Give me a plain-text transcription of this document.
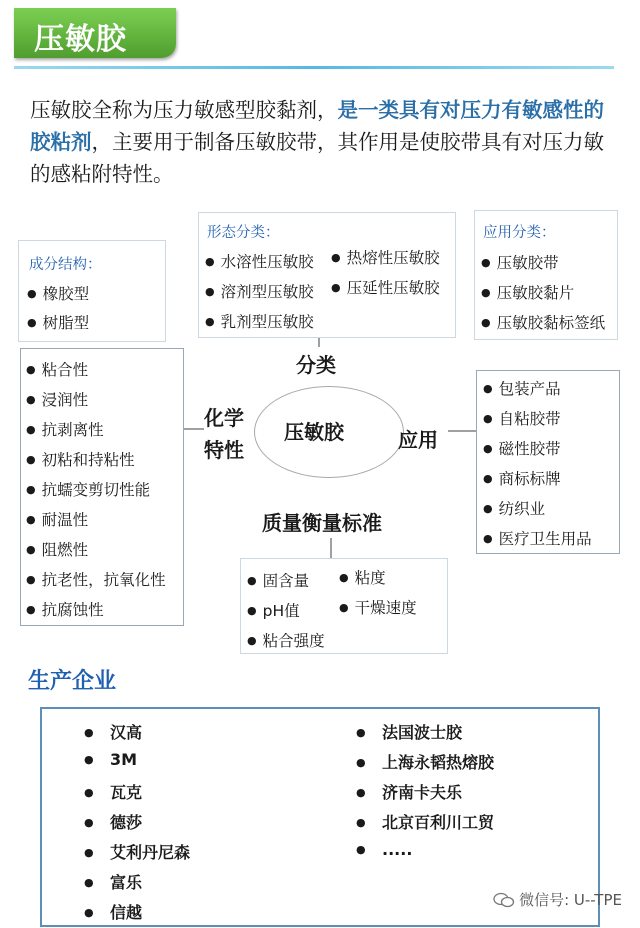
压敏胶
压敏胶全称为压力敏感型胶黏剂，是一类具有对压力有敏感性的胶粘剂，主要用于制备压敏胶带，其作用是使胶带具有对压力敏的感粘附特性。
成分结构：
● 橡胶型
● 树脂型
形态分类：
● 水溶性压敏胶
● 溶剂型压敏胶
● 乳剂型压敏胶
● 热熔性压敏胶
● 压延性压敏胶
应用分类：
● 压敏胶带
● 压敏胶黏片
● 压敏胶黏标签纸
● 粘合性
● 浸润性
● 抗剥离性
● 初粘和持粘性
● 抗蠕变剪切性能
● 耐温性
● 阻燃性
● 抗老性，抗氧化性
● 抗腐蚀性
● 包装产品
● 自粘胶带
● 磁性胶带
● 商标标牌
● 纺织业
● 医疗卫生用品
● 固含量
● pH值
● 粘合强度
● 粘度
● 干燥速度
压敏胶
分类
化学
特性	应用
质量衡量标准
生产企业
● 汉高
● 3M
● 瓦克
● 德莎
● 艾利丹尼森
● 富乐
● 信越
● 法国波士胶
● 上海永韬热熔胶
● 济南卡夫乐
● 北京百利川工贸
● .....
微信号: U--TPE
